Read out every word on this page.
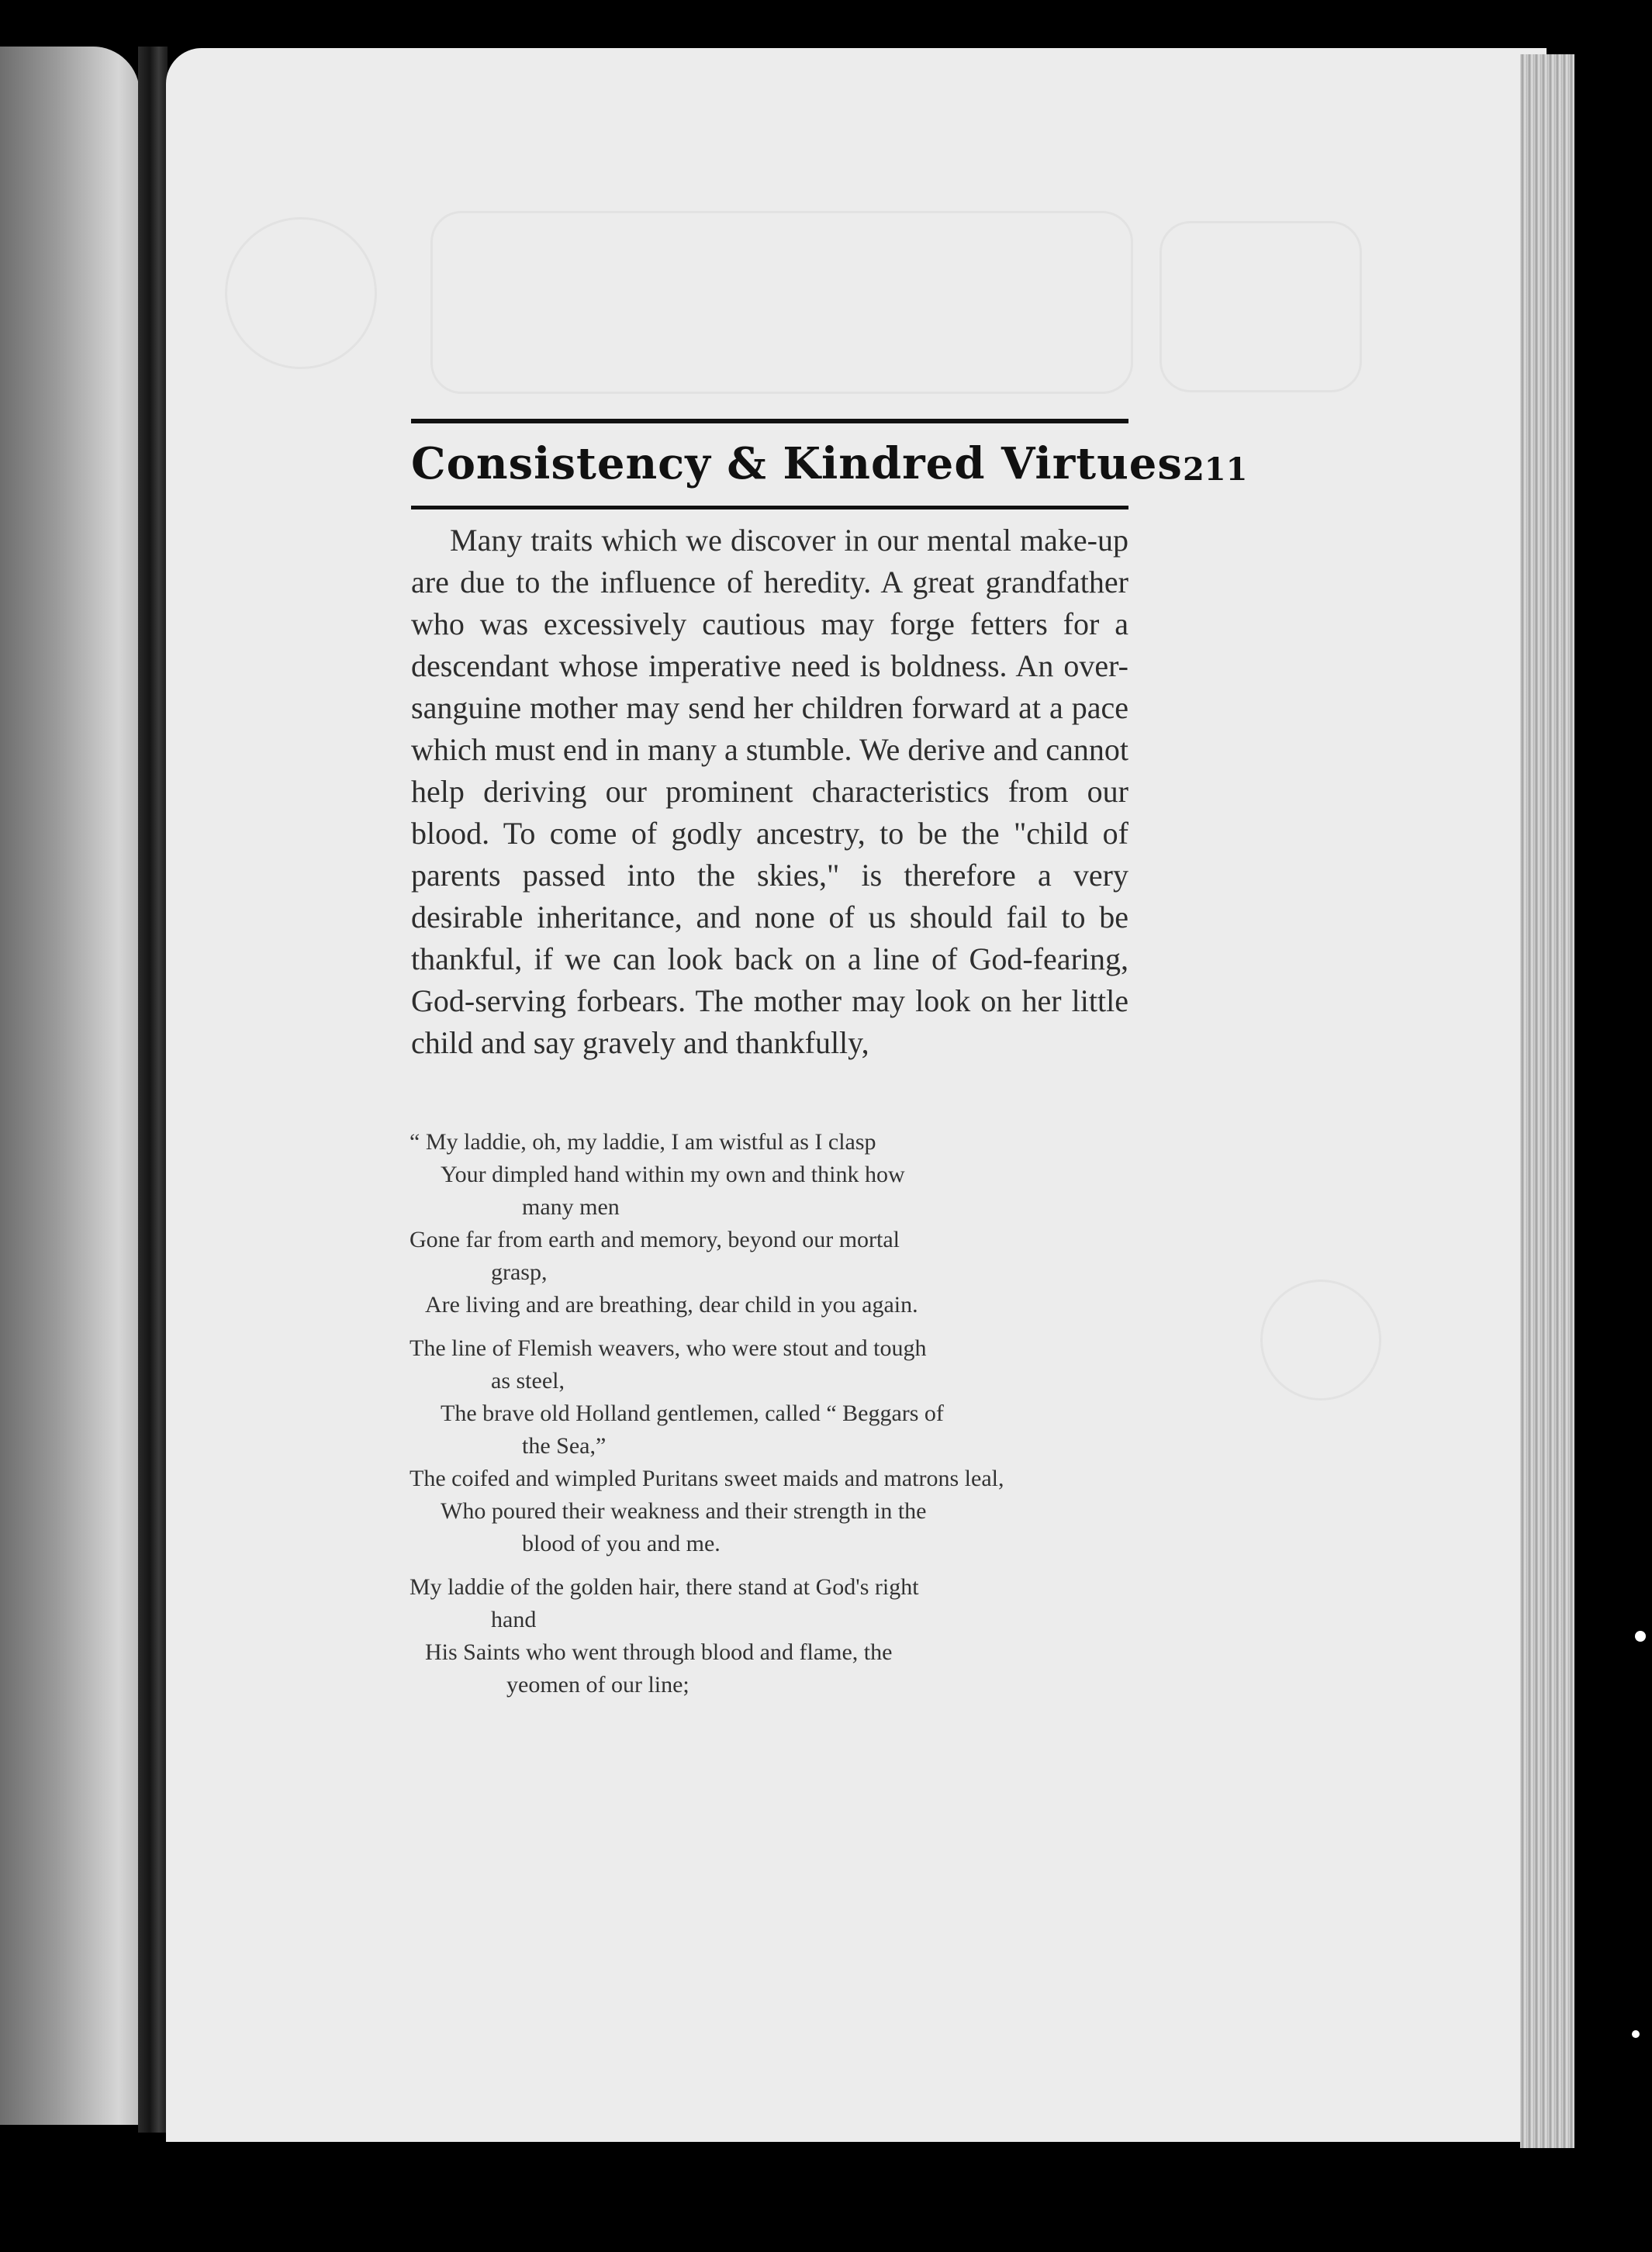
Consistency & Kindred Virtues 211
Many traits which we discover in our mental make-up are due to the influence of heredity. A great grandfather who was excessively cautious may forge fetters for a descendant whose imperative need is boldness. An over-sanguine mother may send her children forward at a pace which must end in many a stumble. We derive and cannot help deriving our prominent characteristics from our blood. To come of godly ancestry, to be the "child of parents passed into the skies," is therefore a very desirable inheritance, and none of us should fail to be thankful, if we can look back on a line of God-fearing, God-serving forbears. The mother may look on her little child and say gravely and thankfully,
“ My laddie, oh, my laddie, I am wistful as I clasp
Your dimpled hand within my own and think how
many men
Gone far from earth and memory, beyond our mortal
grasp,
Are living and are breathing, dear child in you again.
The line of Flemish weavers, who were stout and tough
as steel,
The brave old Holland gentlemen, called “ Beggars of
the Sea,”
The coifed and wimpled Puritans sweet maids and matrons leal,
Who poured their weakness and their strength in the
blood of you and me.
My laddie of the golden hair, there stand at God's right
hand
His Saints who went through blood and flame, the
yeomen of our line;
